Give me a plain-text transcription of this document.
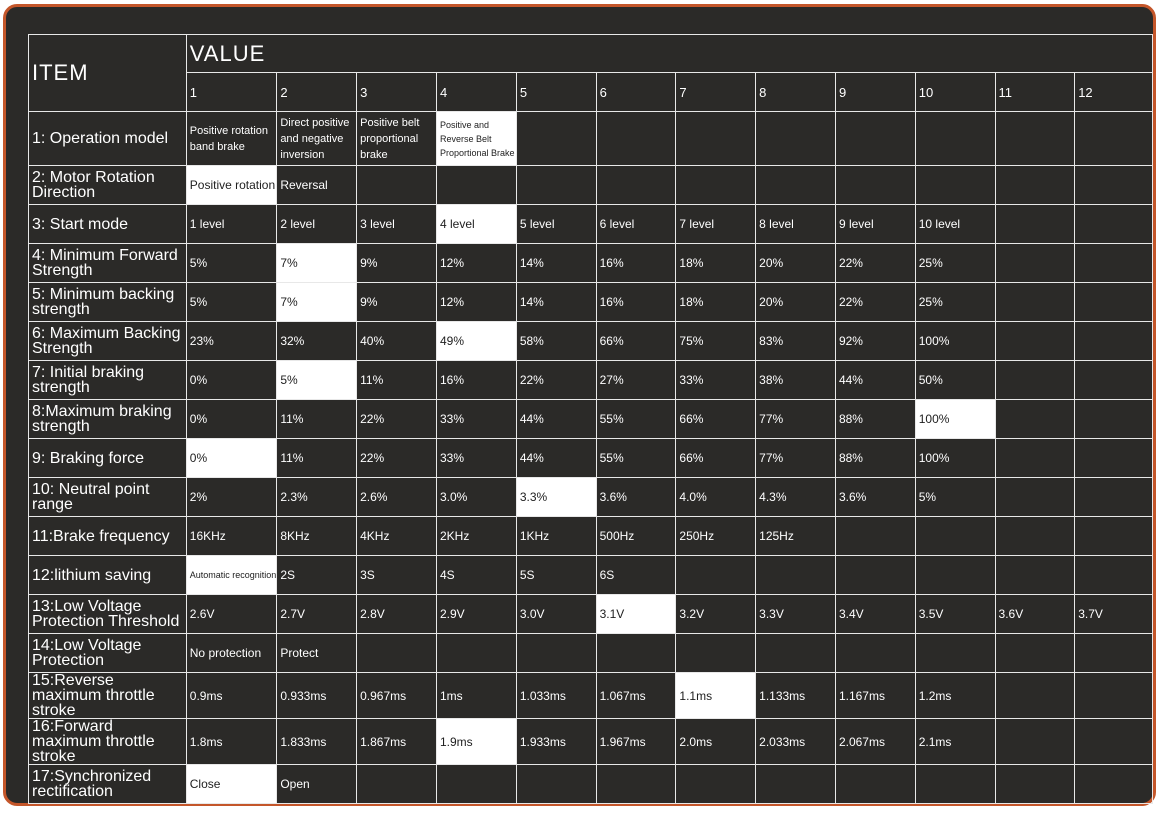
ITEM	VALUE											
	1	2	3	4	5	6	7	8	9	10	11	12
1: Operation model	Positive rotation band brake	Direct positive and negative inversion	Positive belt proportional brake	Positive and Reverse Belt Proportional Brake								
2: Motor Rotation Direction	Positive rotation	Reversal										
3: Start mode	1 level	2 level	3 level	4 level	5 level	6 level	7 level	8 level	9 level	10 level		
4: Minimum Forward Strength	5%	7%	9%	12%	14%	16%	18%	20%	22%	25%		
5: Minimum backing strength	5%	7%	9%	12%	14%	16%	18%	20%	22%	25%		
6: Maximum Backing Strength	23%	32%	40%	49%	58%	66%	75%	83%	92%	100%		
7: Initial braking strength	0%	5%	11%	16%	22%	27%	33%	38%	44%	50%		
8:Maximum braking strength	0%	11%	22%	33%	44%	55%	66%	77%	88%	100%		
9: Braking force	0%	11%	22%	33%	44%	55%	66%	77%	88%	100%		
10: Neutral point range	2%	2.3%	2.6%	3.0%	3.3%	3.6%	4.0%	4.3%	3.6%	5%		
11:Brake frequency	16KHz	8KHz	4KHz	2KHz	1KHz	500Hz	250Hz	125Hz				
12:lithium saving	Automatic recognition	2S	3S	4S	5S	6S						
13:Low Voltage Protection Threshold	2.6V	2.7V	2.8V	2.9V	3.0V	3.1V	3.2V	3.3V	3.4V	3.5V	3.6V	3.7V
14:Low Voltage Protection	No protection	Protect										
15:Reverse maximum throttle stroke	0.9ms	0.933ms	0.967ms	1ms	1.033ms	1.067ms	1.1ms	1.133ms	1.167ms	1.2ms		
16:Forward maximum throttle stroke	1.8ms	1.833ms	1.867ms	1.9ms	1.933ms	1.967ms	2.0ms	2.033ms	2.067ms	2.1ms		
17:Synchronized rectification	Close	Open										
